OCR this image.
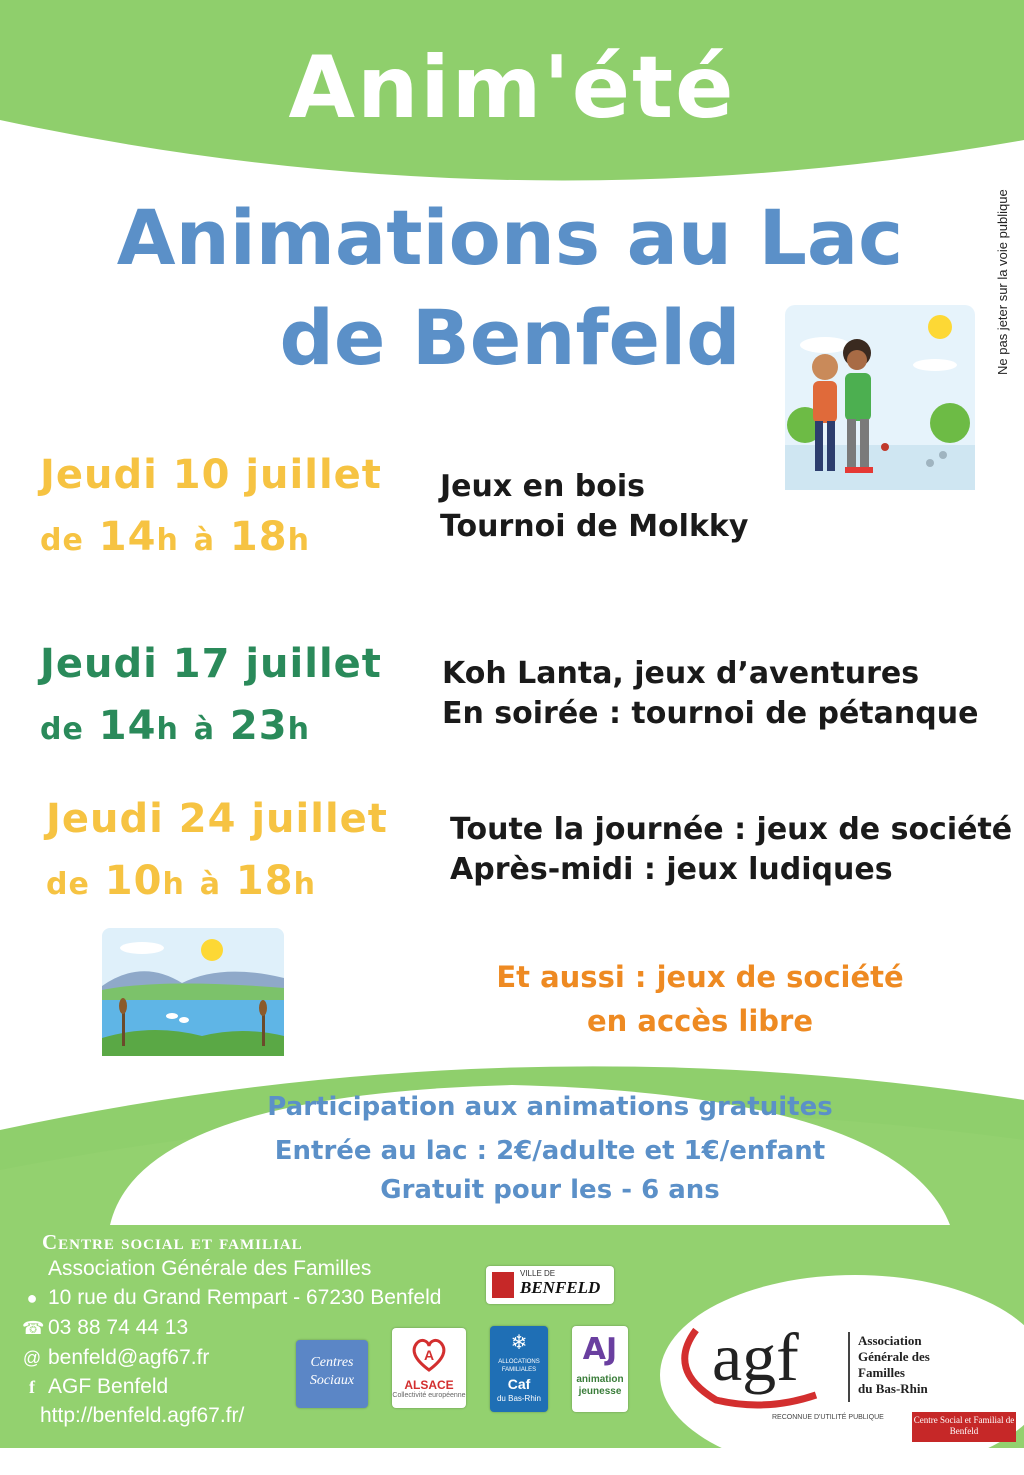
Anim'été
Animations au Lac
de Benfeld	Ne pas jeter sur la voie publique
Jeudi 10 juillet
de 14h à 18h
Jeux en bois
Tournoi de Molkky
Jeudi 17 juillet
de 14h à 23h
Koh Lanta, jeux d’aventures
En soirée : tournoi de pétanque
Jeudi 24 juillet
de 10h à 18h
Toute la journée : jeux de société
Après-midi : jeux ludiques
Et aussi : jeux de société
en accès libre
Participation aux animations gratuites
Entrée au lac : 2€/adulte et 1€/enfant
Gratuit pour les - 6 ans
Centre social et familial
Association Générale des Familles
● 10 rue du Grand Rempart - 67230 Benfeld
☎ 03 88 74 44 13
@ benfeld@agf67.fr
f AGF Benfeld
http://benfeld.agf67.fr/
VILLE DE
BENFELD
Centres Sociaux
A
ALSACE
Collectivité européenne
❄
ALLOCATIONS FAMILIALES
Caf
du Bas-Rhin
AJ
animation jeunesse agf	Association
Générale des
Familles
du Bas-Rhin
RECONNUE D'UTILITÉ PUBLIQUE	Centre Social et Familial de Benfeld
